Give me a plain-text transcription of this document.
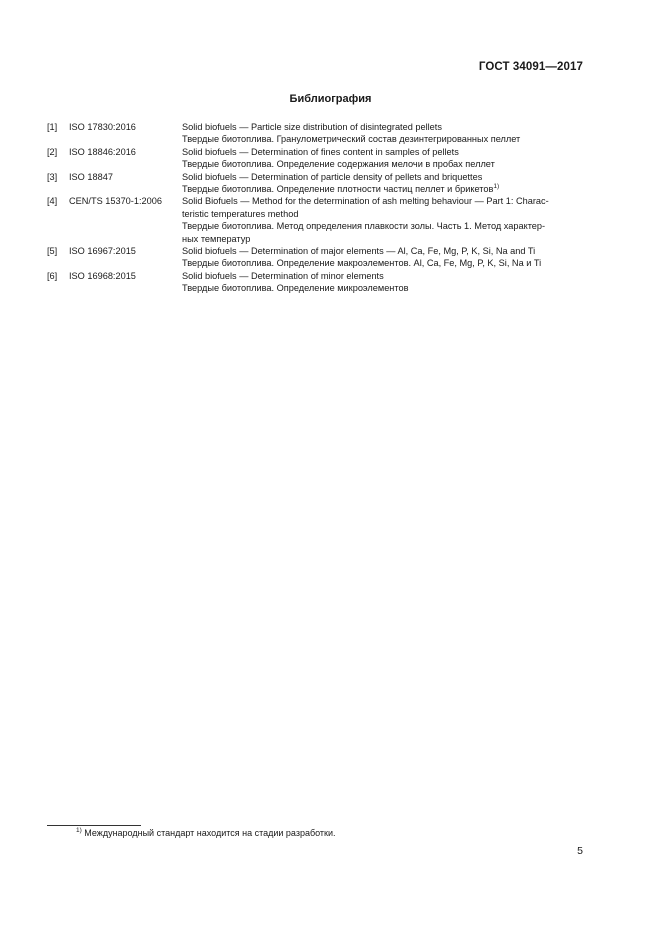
ГОСТ 34091—2017
Библиография
[1]	ISO 17830:2016	Solid biofuels — Particle size distribution of disintegrated pellets
Твердые биотоплива. Гранулометрический состав дезинтегрированных пеллет
[2]	ISO 18846:2016	Solid biofuels — Determination of fines content in samples of pellets
Твердые биотоплива. Определение содержания мелочи в пробах пеллет
[3]	ISO 18847	Solid biofuels — Determination of particle density of pellets and briquettes
Твердые биотоплива. Определение плотности частиц пеллет и брикетов$^{1)}$
[4]	CEN/TS 15370-1:2006	Solid Biofuels — Method for the determination of ash melting behaviour — Part 1: Charac-
teristic temperatures method
Твердые биотоплива. Метод определения плавкости золы. Часть 1. Метод характер-
ных температур
[5]	ISO 16967:2015	Solid biofuels — Determination of major elements — Al, Ca, Fe, Mg, P, K, Si, Na and Ti
Твердые биотоплива. Определение макроэлементов. Al, Ca, Fe, Mg, P, K, Si, Na и Ti
[6]	ISO 16968:2015	Solid biofuels — Determination of minor elements
Твердые биотоплива. Определение микроэлементов
$^{1)}$ Международный стандарт находится на стадии разработки.
5
